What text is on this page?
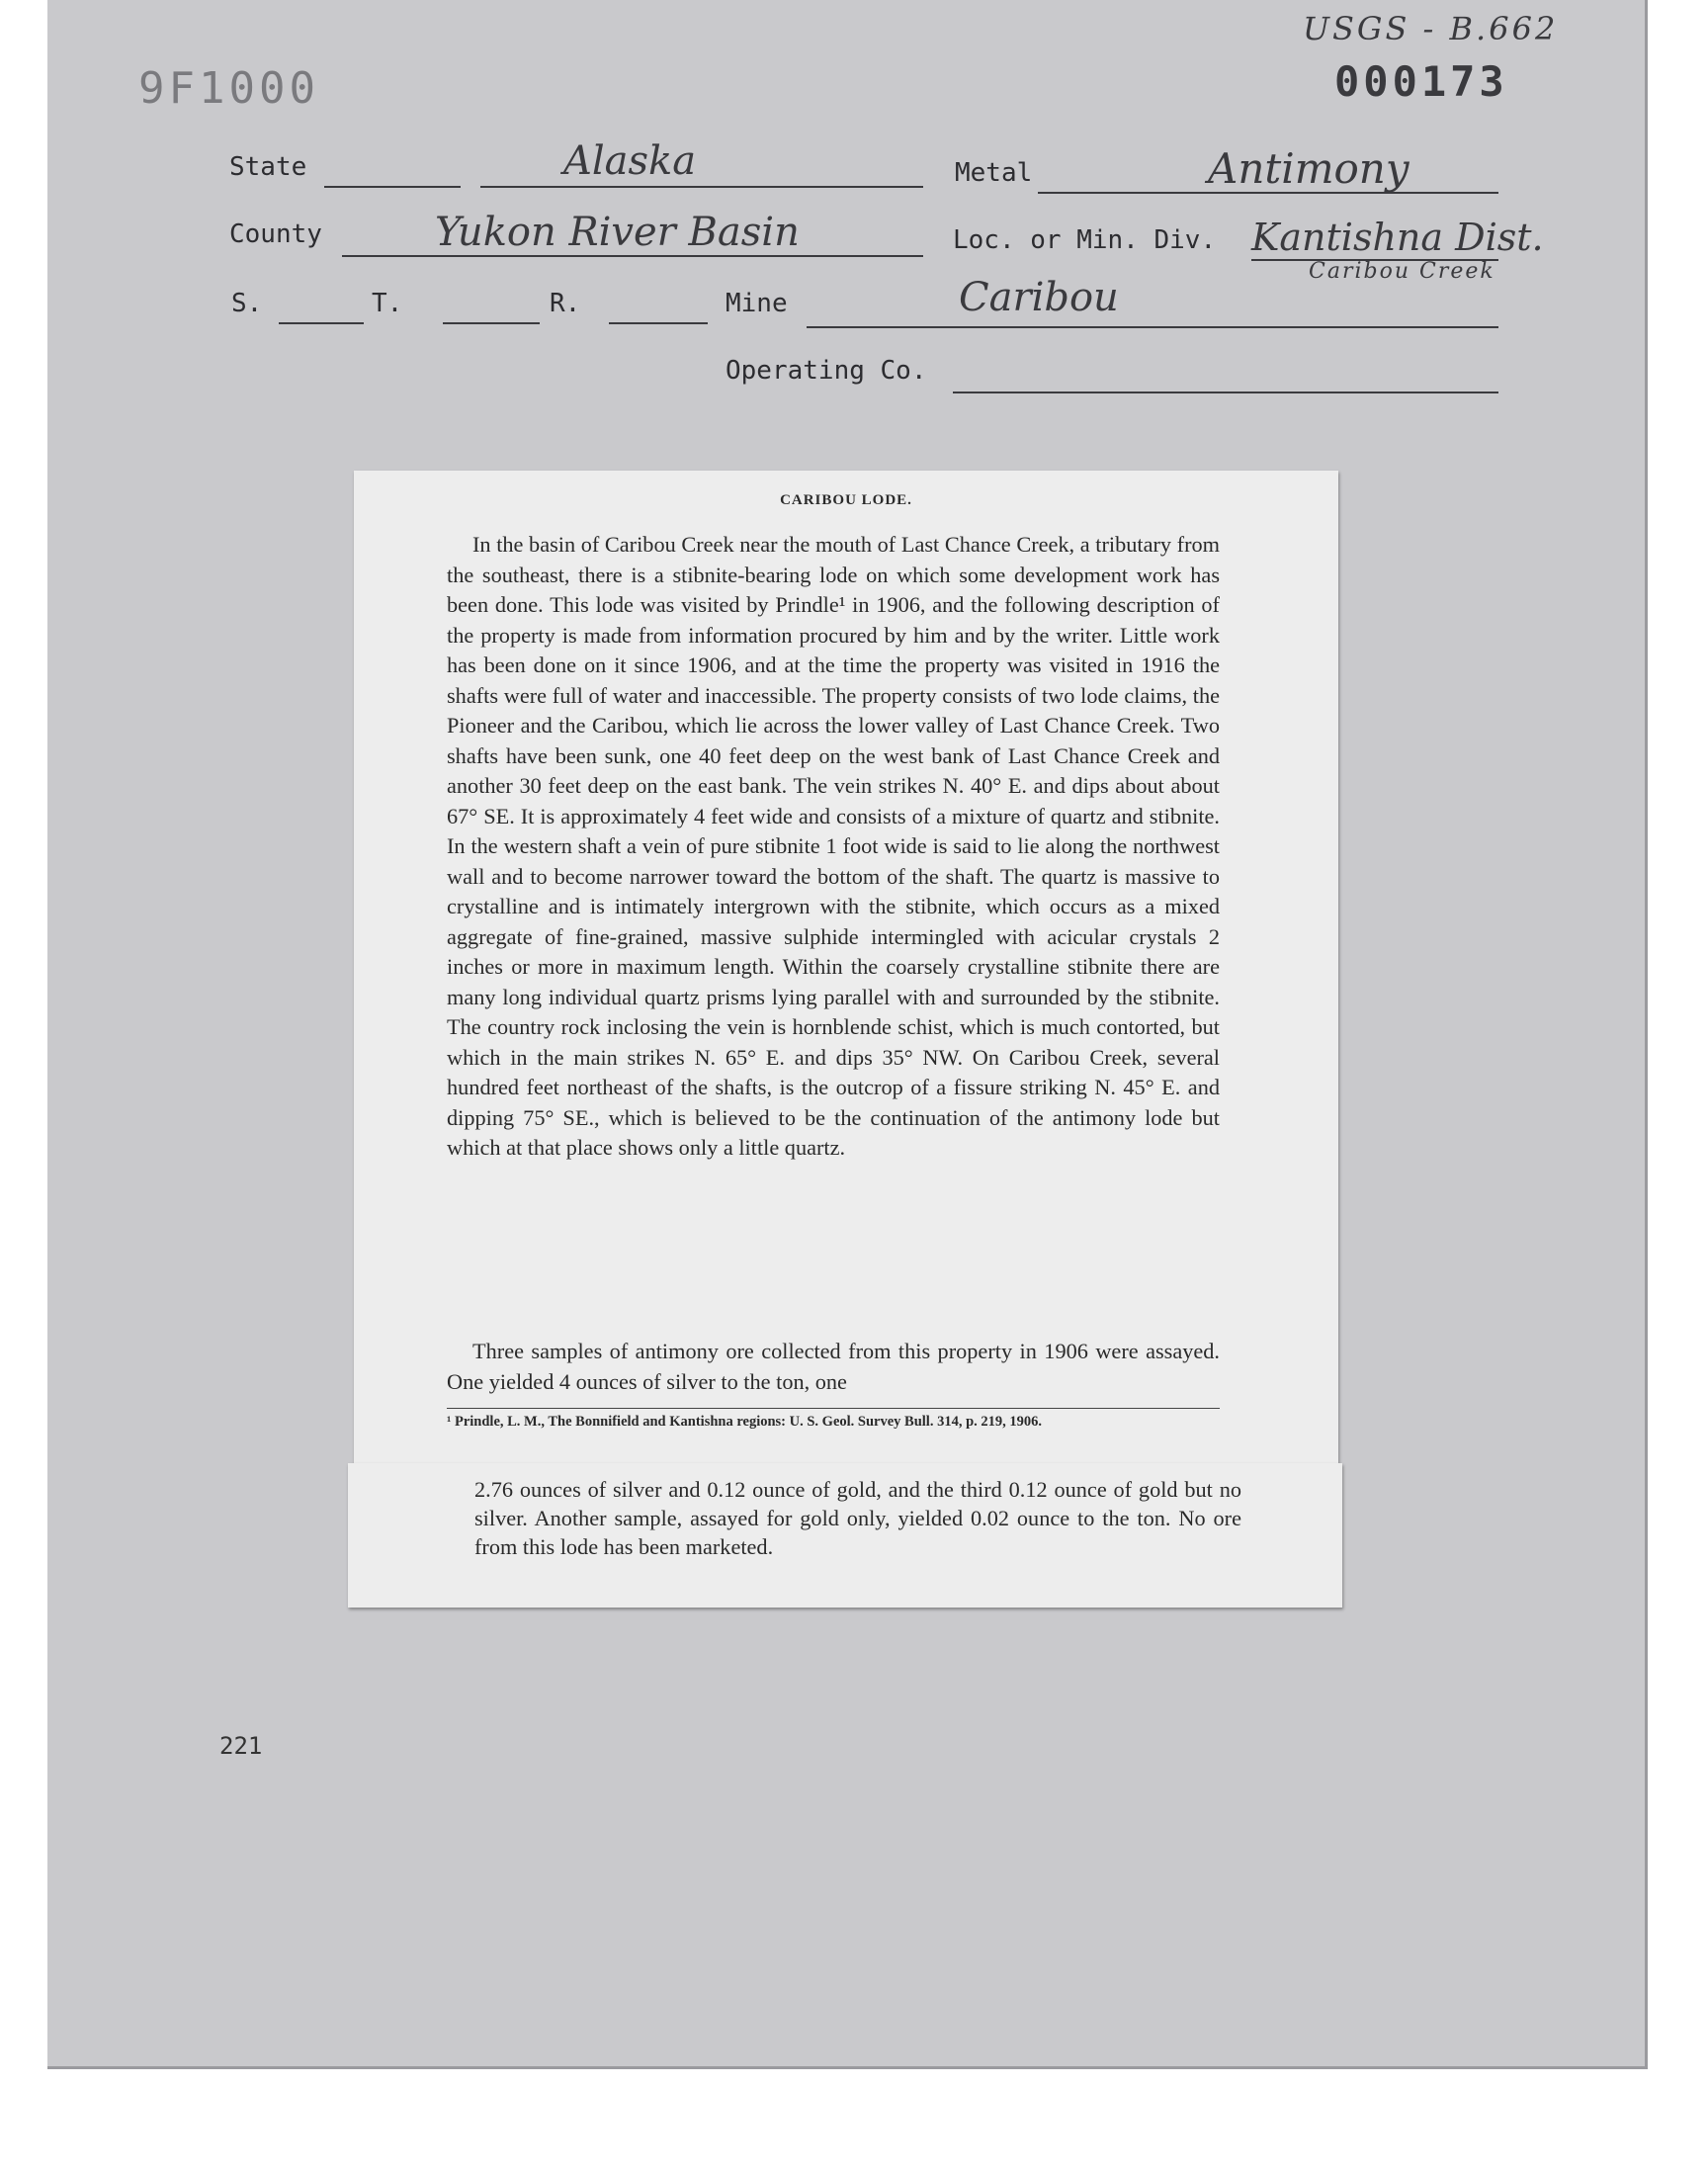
9F1000
USGS - B.662
000173
State	Alaska	Metal	Antimony
County	Yukon River Basin	Loc. or Min. Div. Kantishna Dist.
Caribou Creek
S.	T.	R.	Mine	Caribou
Operating Co.
CARIBOU LODE.

In the basin of Caribou Creek near the mouth of Last Chance Creek, a tributary from the southeast, there is a stibnite-bearing lode on which some development work has been done. This lode was visited by Prindle¹ in 1906, and the following description of the property is made from information procured by him and by the writer. Little work has been done on it since 1906, and at the time the property was visited in 1916 the shafts were full of water and inaccessible. The property consists of two lode claims, the Pioneer and the Caribou, which lie across the lower valley of Last Chance Creek. Two shafts have been sunk, one 40 feet deep on the west bank of Last Chance Creek and another 30 feet deep on the east bank. The vein strikes N. 40° E. and dips about about 67° SE. It is approximately 4 feet wide and consists of a mixture of quartz and stibnite. In the western shaft a vein of pure stibnite 1 foot wide is said to lie along the northwest wall and to become narrower toward the bottom of the shaft. The quartz is massive to crystalline and is intimately intergrown with the stibnite, which occurs as a mixed aggregate of fine-grained, massive sulphide intermingled with acicular crystals 2 inches or more in maximum length. Within the coarsely crystalline stibnite there are many long individual quartz prisms lying parallel with and surrounded by the stibnite. The country rock inclosing the vein is hornblende schist, which is much contorted, but which in the main strikes N. 65° E. and dips 35° NW. On Caribou Creek, several hundred feet northeast of the shafts, is the outcrop of a fissure striking N. 45° E. and dipping 75° SE., which is believed to be the continuation of the antimony lode but which at that place shows only a little quartz.

Three samples of antimony ore collected from this property in 1906 were assayed. One yielded 4 ounces of silver to the ton, one

¹ Prindle, L. M., The Bonnifield and Kantishna regions: U. S. Geol. Survey Bull. 314, p. 219, 1906.

2.76 ounces of silver and 0.12 ounce of gold, and the third 0.12 ounce of gold but no silver. Another sample, assayed for gold only, yielded 0.02 ounce to the ton. No ore from this lode has been marketed.

221
